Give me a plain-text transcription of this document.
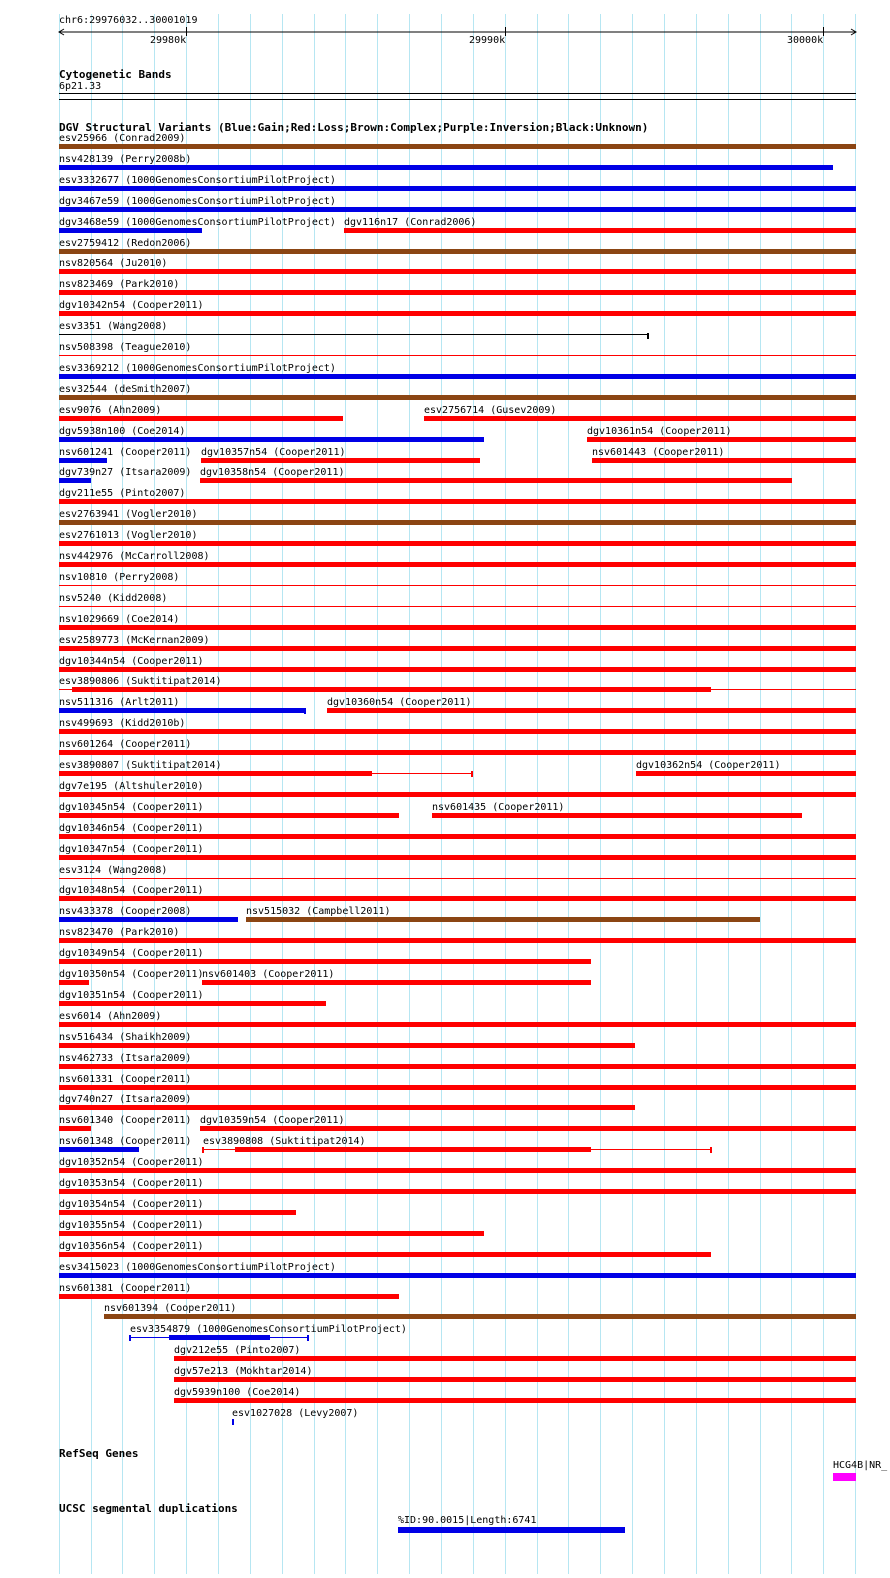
chr6:29976032..30001019
29980k	29990k	30000k
Cytogenetic Bands
6p21.33
DGV Structural Variants (Blue:Gain;Red:Loss;Brown:Complex;Purple:Inversion;Black:Unknown)
esv25966 (Conrad2009)
nsv428139 (Perry2008b)
esv3332677 (1000GenomesConsortiumPilotProject)
dgv3467e59 (1000GenomesConsortiumPilotProject)
dgv3468e59 (1000GenomesConsortiumPilotProject) dgv116n17 (Conrad2006)
esv2759412 (Redon2006)
nsv820564 (Ju2010)
nsv823469 (Park2010)
dgv10342n54 (Cooper2011)
esv3351 (Wang2008)
nsv508398 (Teague2010)
esv3369212 (1000GenomesConsortiumPilotProject)
esv32544 (deSmith2007)
esv9076 (Ahn2009)	esv2756714 (Gusev2009)
dgv5938n100 (Coe2014)	dgv10361n54 (Cooper2011)
nsv601241 (Cooper2011) dgv10357n54 (Cooper2011)	nsv601443 (Cooper2011)
dgv739n27 (Itsara2009) dgv10358n54 (Cooper2011)
dgv211e55 (Pinto2007)
esv2763941 (Vogler2010)
esv2761013 (Vogler2010)
nsv442976 (McCarroll2008)
nsv10810 (Perry2008)
nsv5240 (Kidd2008)
nsv1029669 (Coe2014)
esv2589773 (McKernan2009)
dgv10344n54 (Cooper2011)
esv3890806 (Suktitipat2014)
nsv511316 (Arlt2011)	dgv10360n54 (Cooper2011)
nsv499693 (Kidd2010b)
nsv601264 (Cooper2011)
esv3890807 (Suktitipat2014)	dgv10362n54 (Cooper2011)
dgv7e195 (Altshuler2010)
dgv10345n54 (Cooper2011)	nsv601435 (Cooper2011)
dgv10346n54 (Cooper2011)
dgv10347n54 (Cooper2011)
esv3124 (Wang2008)
dgv10348n54 (Cooper2011)
nsv433378 (Cooper2008)	nsv515032 (Campbell2011)
nsv823470 (Park2010)
dgv10349n54 (Cooper2011)
dgv10350n54 (Cooper2011)
nsv601403 (Cooper2011)
dgv10351n54 (Cooper2011)
esv6014 (Ahn2009)
nsv516434 (Shaikh2009)
nsv462733 (Itsara2009)
nsv601331 (Cooper2011)
dgv740n27 (Itsara2009)
nsv601340 (Cooper2011) dgv10359n54 (Cooper2011)
nsv601348 (Cooper2011) esv3890808 (Suktitipat2014)
dgv10352n54 (Cooper2011)
dgv10353n54 (Cooper2011)
dgv10354n54 (Cooper2011)
dgv10355n54 (Cooper2011)
dgv10356n54 (Cooper2011)
esv3415023 (1000GenomesConsortiumPilotProject)
nsv601381 (Cooper2011)
nsv601394 (Cooper2011)
esv3354879 (1000GenomesConsortiumPilotProject)
dgv212e55 (Pinto2007)
dgv57e213 (Mokhtar2014)
dgv5939n100 (Coe2014)
esv1027028 (Levy2007)
RefSeq Genes
HCG4B|NR_
UCSC segmental duplications
%ID:90.0015|Length:6741
